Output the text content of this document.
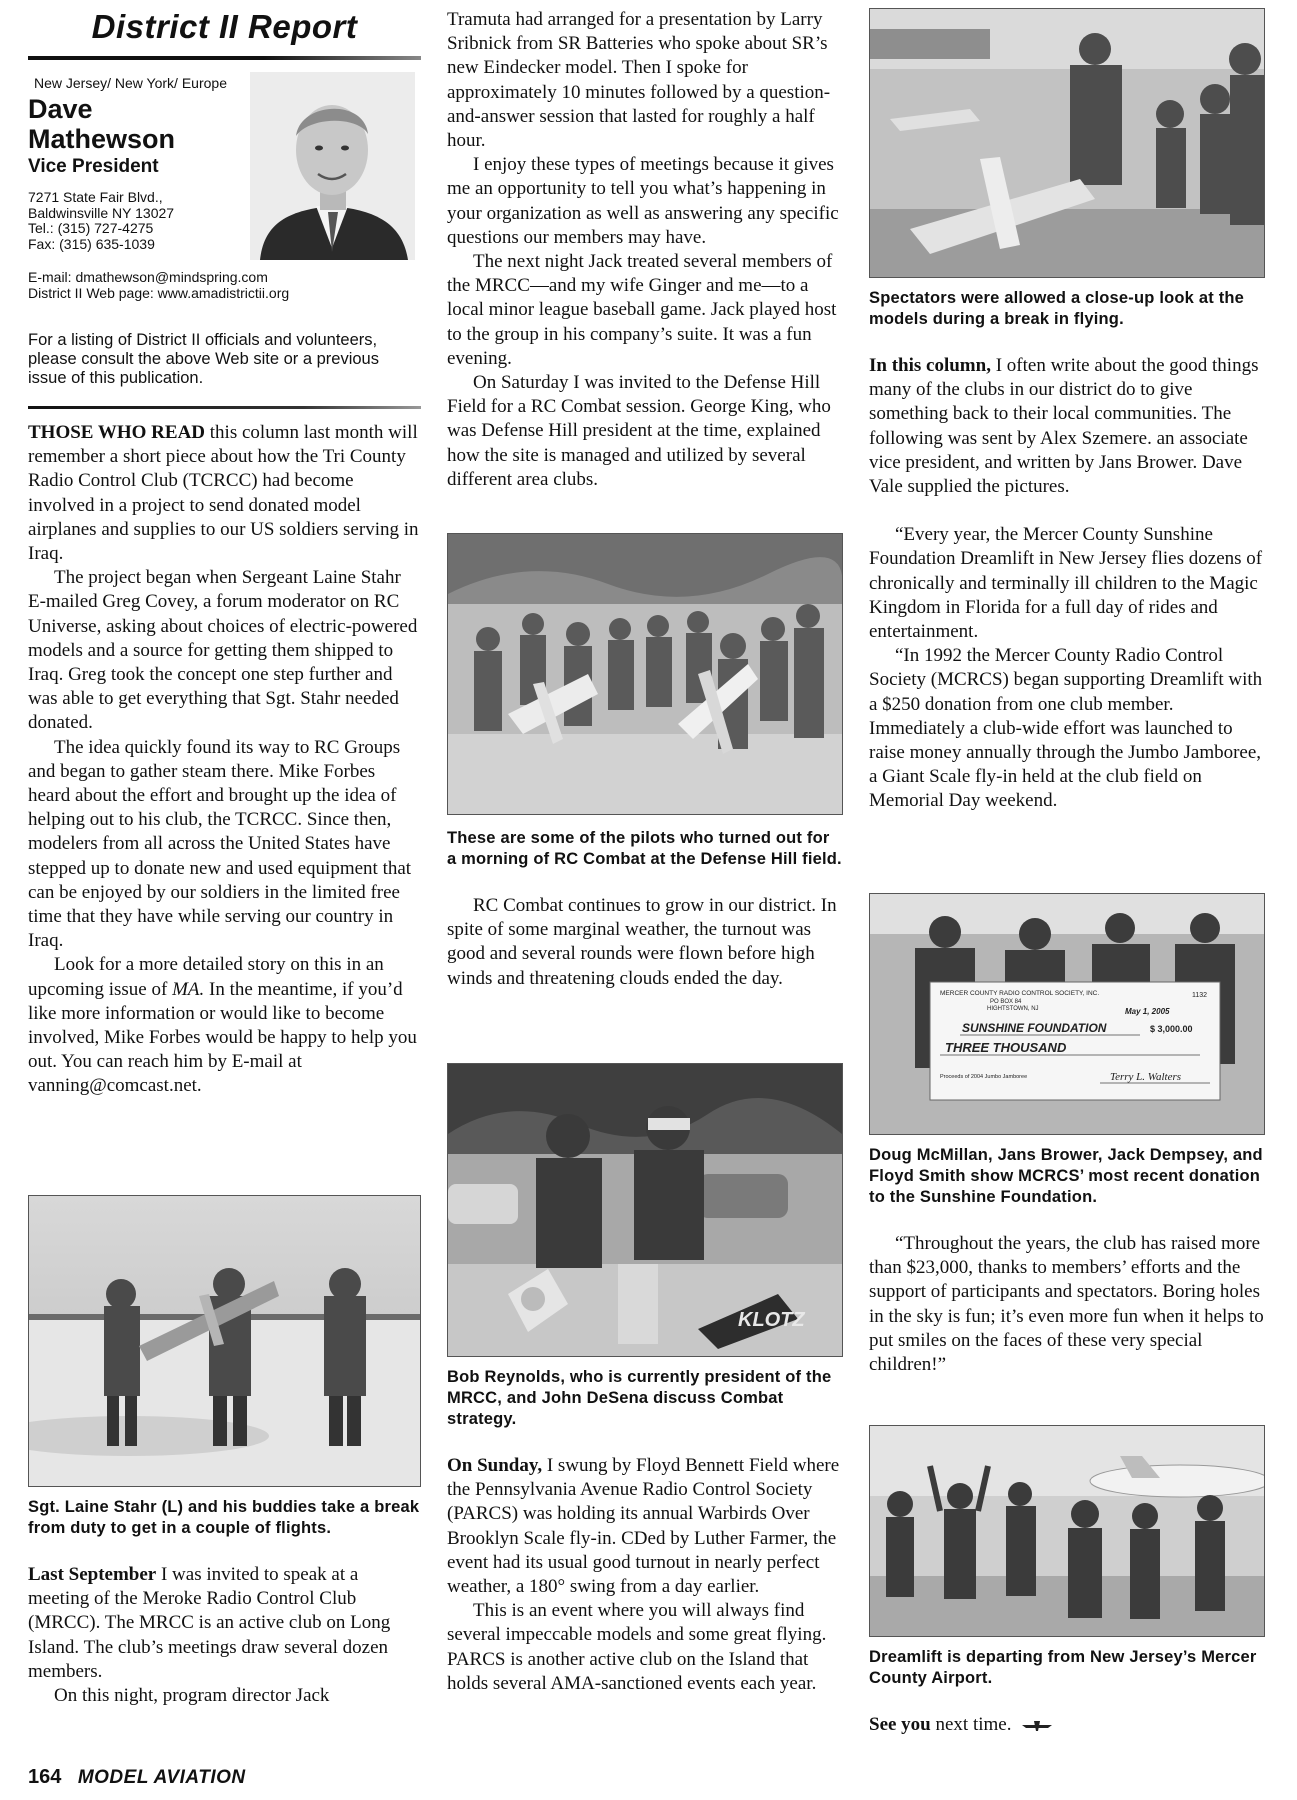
District II Report
New Jersey/ New York/ Europe
Dave
Mathewson
Vice President
7271 State Fair Blvd.,
Baldwinsville NY 13027
Tel.: (315) 727-4275
Fax: (315) 635-1039
E-mail: dmathewson@mindspring.com
District II Web page: www.amadistrictii.org
For a listing of District II officials and volunteers, please consult the above Web site or a previous issue of this publication.

THOSE WHO READ this column last month will remember a short piece about how the Tri County Radio Control Club (TCRCC) had become involved in a project to send donated model airplanes and supplies to our US soldiers serving in Iraq.

The project began when Sergeant Laine Stahr E-mailed Greg Covey, a forum moderator on RC Universe, asking about choices of electric-powered models and a source for getting them shipped to Iraq. Greg took the concept one step further and was able to get everything that Sgt. Stahr needed donated.

The idea quickly found its way to RC Groups and began to gather steam there. Mike Forbes heard about the effort and brought up the idea of helping out to his club, the TCRCC. Since then, modelers from all across the United States have stepped up to donate new and used equipment that can be enjoyed by our soldiers in the limited free time that they have while serving our country in Iraq.

Look for a more detailed story on this in an upcoming issue of MA. In the meantime, if you’d like more information or would like to become involved, Mike Forbes would be happy to help you out. You can reach him by E-mail at vanning@comcast.net.

Sgt. Laine Stahr (L) and his buddies take a break from duty to get in a couple of flights.

Last September I was invited to speak at a meeting of the Meroke Radio Control Club (MRCC). The MRCC is an active club on Long Island. The club’s meetings draw several dozen members.

On this night, program director Jack

Tramuta had arranged for a presentation by Larry Sribnick from SR Batteries who spoke about SR’s new Eindecker model. Then I spoke for approximately 10 minutes followed by a question-and-answer session that lasted for roughly a half hour.

I enjoy these types of meetings because it gives me an opportunity to tell you what’s happening in your organization as well as answering any specific questions our members may have.

The next night Jack treated several members of the MRCC—and my wife Ginger and me—to a local minor league baseball game. Jack played host to the group in his company’s suite. It was a fun evening.

On Saturday I was invited to the Defense Hill Field for a RC Combat session. George King, who was Defense Hill president at the time, explained how the site is managed and utilized by several different area clubs.

These are some of the pilots who turned out for a morning of RC Combat at the Defense Hill field.

RC Combat continues to grow in our district. In spite of some marginal weather, the turnout was good and several rounds were flown before high winds and threatening clouds ended the day.

KLOTZ

Bob Reynolds, who is currently president of the MRCC, and John DeSena discuss Combat strategy.

On Sunday, I swung by Floyd Bennett Field where the Pennsylvania Avenue Radio Control Society (PARCS) was holding its annual Warbirds Over Brooklyn Scale fly-in. CDed by Luther Farmer, the event had its usual good turnout in nearly perfect weather, a 180° swing from a day earlier.

This is an event where you will always find several impeccable models and some great flying. PARCS is another active club on the Island that holds several AMA-sanctioned events each year.

Spectators were allowed a close-up look at the models during a break in flying.

In this column, I often write about the good things many of the clubs in our district do to give something back to their local communities. The following was sent by Alex Szemere. an associate vice president, and written by Jans Brower. Dave Vale supplied the pictures.

“Every year, the Mercer County Sunshine Foundation Dreamlift in New Jersey flies dozens of chronically and terminally ill children to the Magic Kingdom in Florida for a full day of rides and entertainment.

“In 1992 the Mercer County Radio Control Society (MCRCS) began supporting Dreamlift with a $250 donation from one club member. Immediately a club-wide effort was launched to raise money annually through the Jumbo Jamboree, a Giant Scale fly-in held at the club field on Memorial Day weekend.

MERCER COUNTY RADIO CONTROL SOCIETY, INC.
PO BOX 84
HIGHTSTOWN, NJ
1132
May 1, 2005
SUNSHINE FOUNDATION	$ 3,000.00
THREE THOUSAND
Proceeds of 2004 Jumbo Jamboree	Terry L. Walters

Doug McMillan, Jans Brower, Jack Dempsey, and Floyd Smith show MCRCS’ most recent donation to the Sunshine Foundation.

“Throughout the years, the club has raised more than $23,000, thanks to members’ efforts and the support of participants and spectators. Boring holes in the sky is fun; it’s even more fun when it helps to put smiles on the faces of these very special children!”

Dreamlift is departing from New Jersey’s Mercer County Airport.

See you next time.

164 MODEL AVIATION
